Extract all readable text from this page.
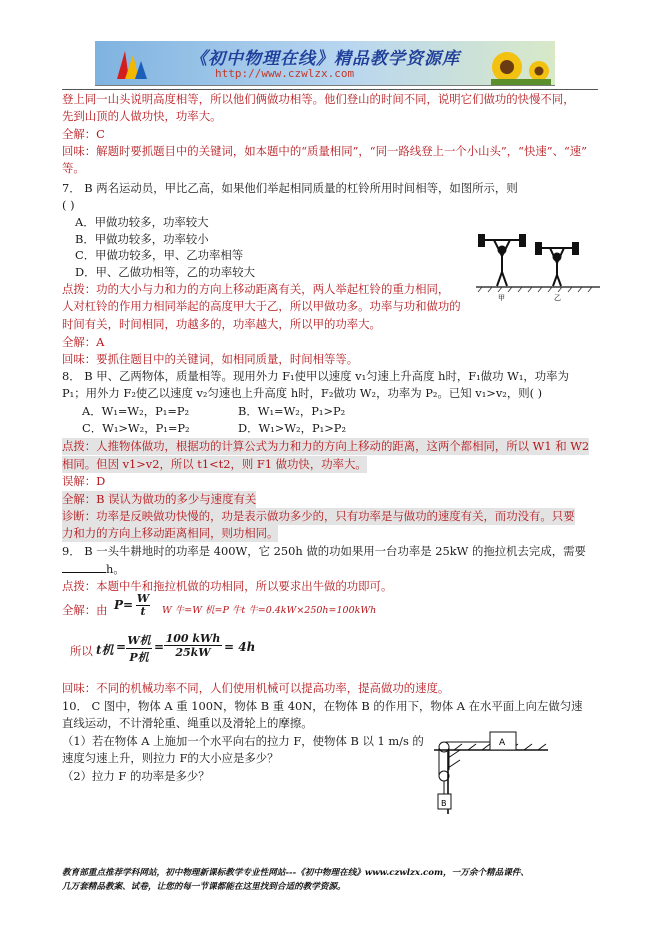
《初中物理在线》精品教学资源库
http://www.czwlzx.com
登上同一山头说明高度相等，所以他们俩做功相等。他们登山的时间不同，说明它们做功的快慢不同，
先到山顶的人做功快，功率大。
全解：C
回味：解题时要抓题目中的关键词，如本题中的“质量相同”，“同一路线登上一个小山头”，“快速”、“速”
等。
7． B 两名运动员，甲比乙高，如果他们举起相同质量的杠铃所用时间相等，如图所示，则
( )
A．甲做功较多，功率较大
B．甲做功较多，功率较小
C．甲做功较多，甲、乙功率相等
D．甲、乙做功相等，乙的功率较大
点拨：功的大小与力和力的方向上移动距离有关，两人举起杠铃的重力相同，
人对杠铃的作用力相同举起的高度甲大于乙，所以甲做功多。功率与功和做功的
时间有关，时间相同，功越多的，功率越大，所以甲的功率大。
全解：A
回味：要抓住题目中的关键词，如相同质量，时间相等等。
甲	乙
8． B 甲、乙两物体，质量相等。现用外力 F₁使甲以速度 v₁匀速上升高度 h时，F₁做功 W₁，功率为
P₁；用外力 F₂使乙以速度 v₂匀速也上升高度 h时，F₂做功 W₂，功率为 P₂。已知 v₁>v₂，则( )
A．W₁=W₂，P₁=P₂	B．W₁=W₂，P₁>P₂
C．W₁>W₂，P₁=P₂	D．W₁>W₂，P₁>P₂
点拨：人推物体做功，根据功的计算公式为力和力的方向上移动的距离，这两个都相同，所以 W1 和 W2
相同。但因 v1>v2，所以 t1<t2，则 F1 做功快，功率大。
误解：D
全解：B 误认为做功的多少与速度有关
诊断：功率是反映做功快慢的，功是表示做功多少的，只有功率是与做功的速度有关，而功没有。只要
力和力的方向上移动距离相同，则功相同。
9． B 一头牛耕地时的功率是 400W，它 250h 做的功如果用一台功率是 25kW 的拖拉机去完成，需要
h。
点拨：本题中牛和拖拉机做的功相同，所以要求出牛做的功即可。
全解：由 P= W
t	W 牛=W 机=P 牛t 牛=0.4kW×250h=100kWh
所以 t机 = W机
P机
=
100 kWh
25kW	= 4h
回味：不同的机械功率不同，人们使用机械可以提高功率，提高做功的速度。
10． C 图中，物体 A 重 100N，物体 B 重 40N，在物体 B 的作用下，物体 A 在水平面上向左做匀速
直线运动，不计滑轮重、绳重以及滑轮上的摩擦。
（1）若在物体 A 上施加一个水平向右的拉力 F，使物体 B 以 1 m/s 的
速度匀速上升，则拉力 F的大小应是多少？
（2）拉力 F 的功率是多少？
A
B
教育部重点推荐学科网站，初中物理新课标教学专业性网站---《初中物理在线》www.czwlzx.com，一万余个精品课件、
几万套精品教案、试卷，让您的每一节课都能在这里找到合适的教学资源。
